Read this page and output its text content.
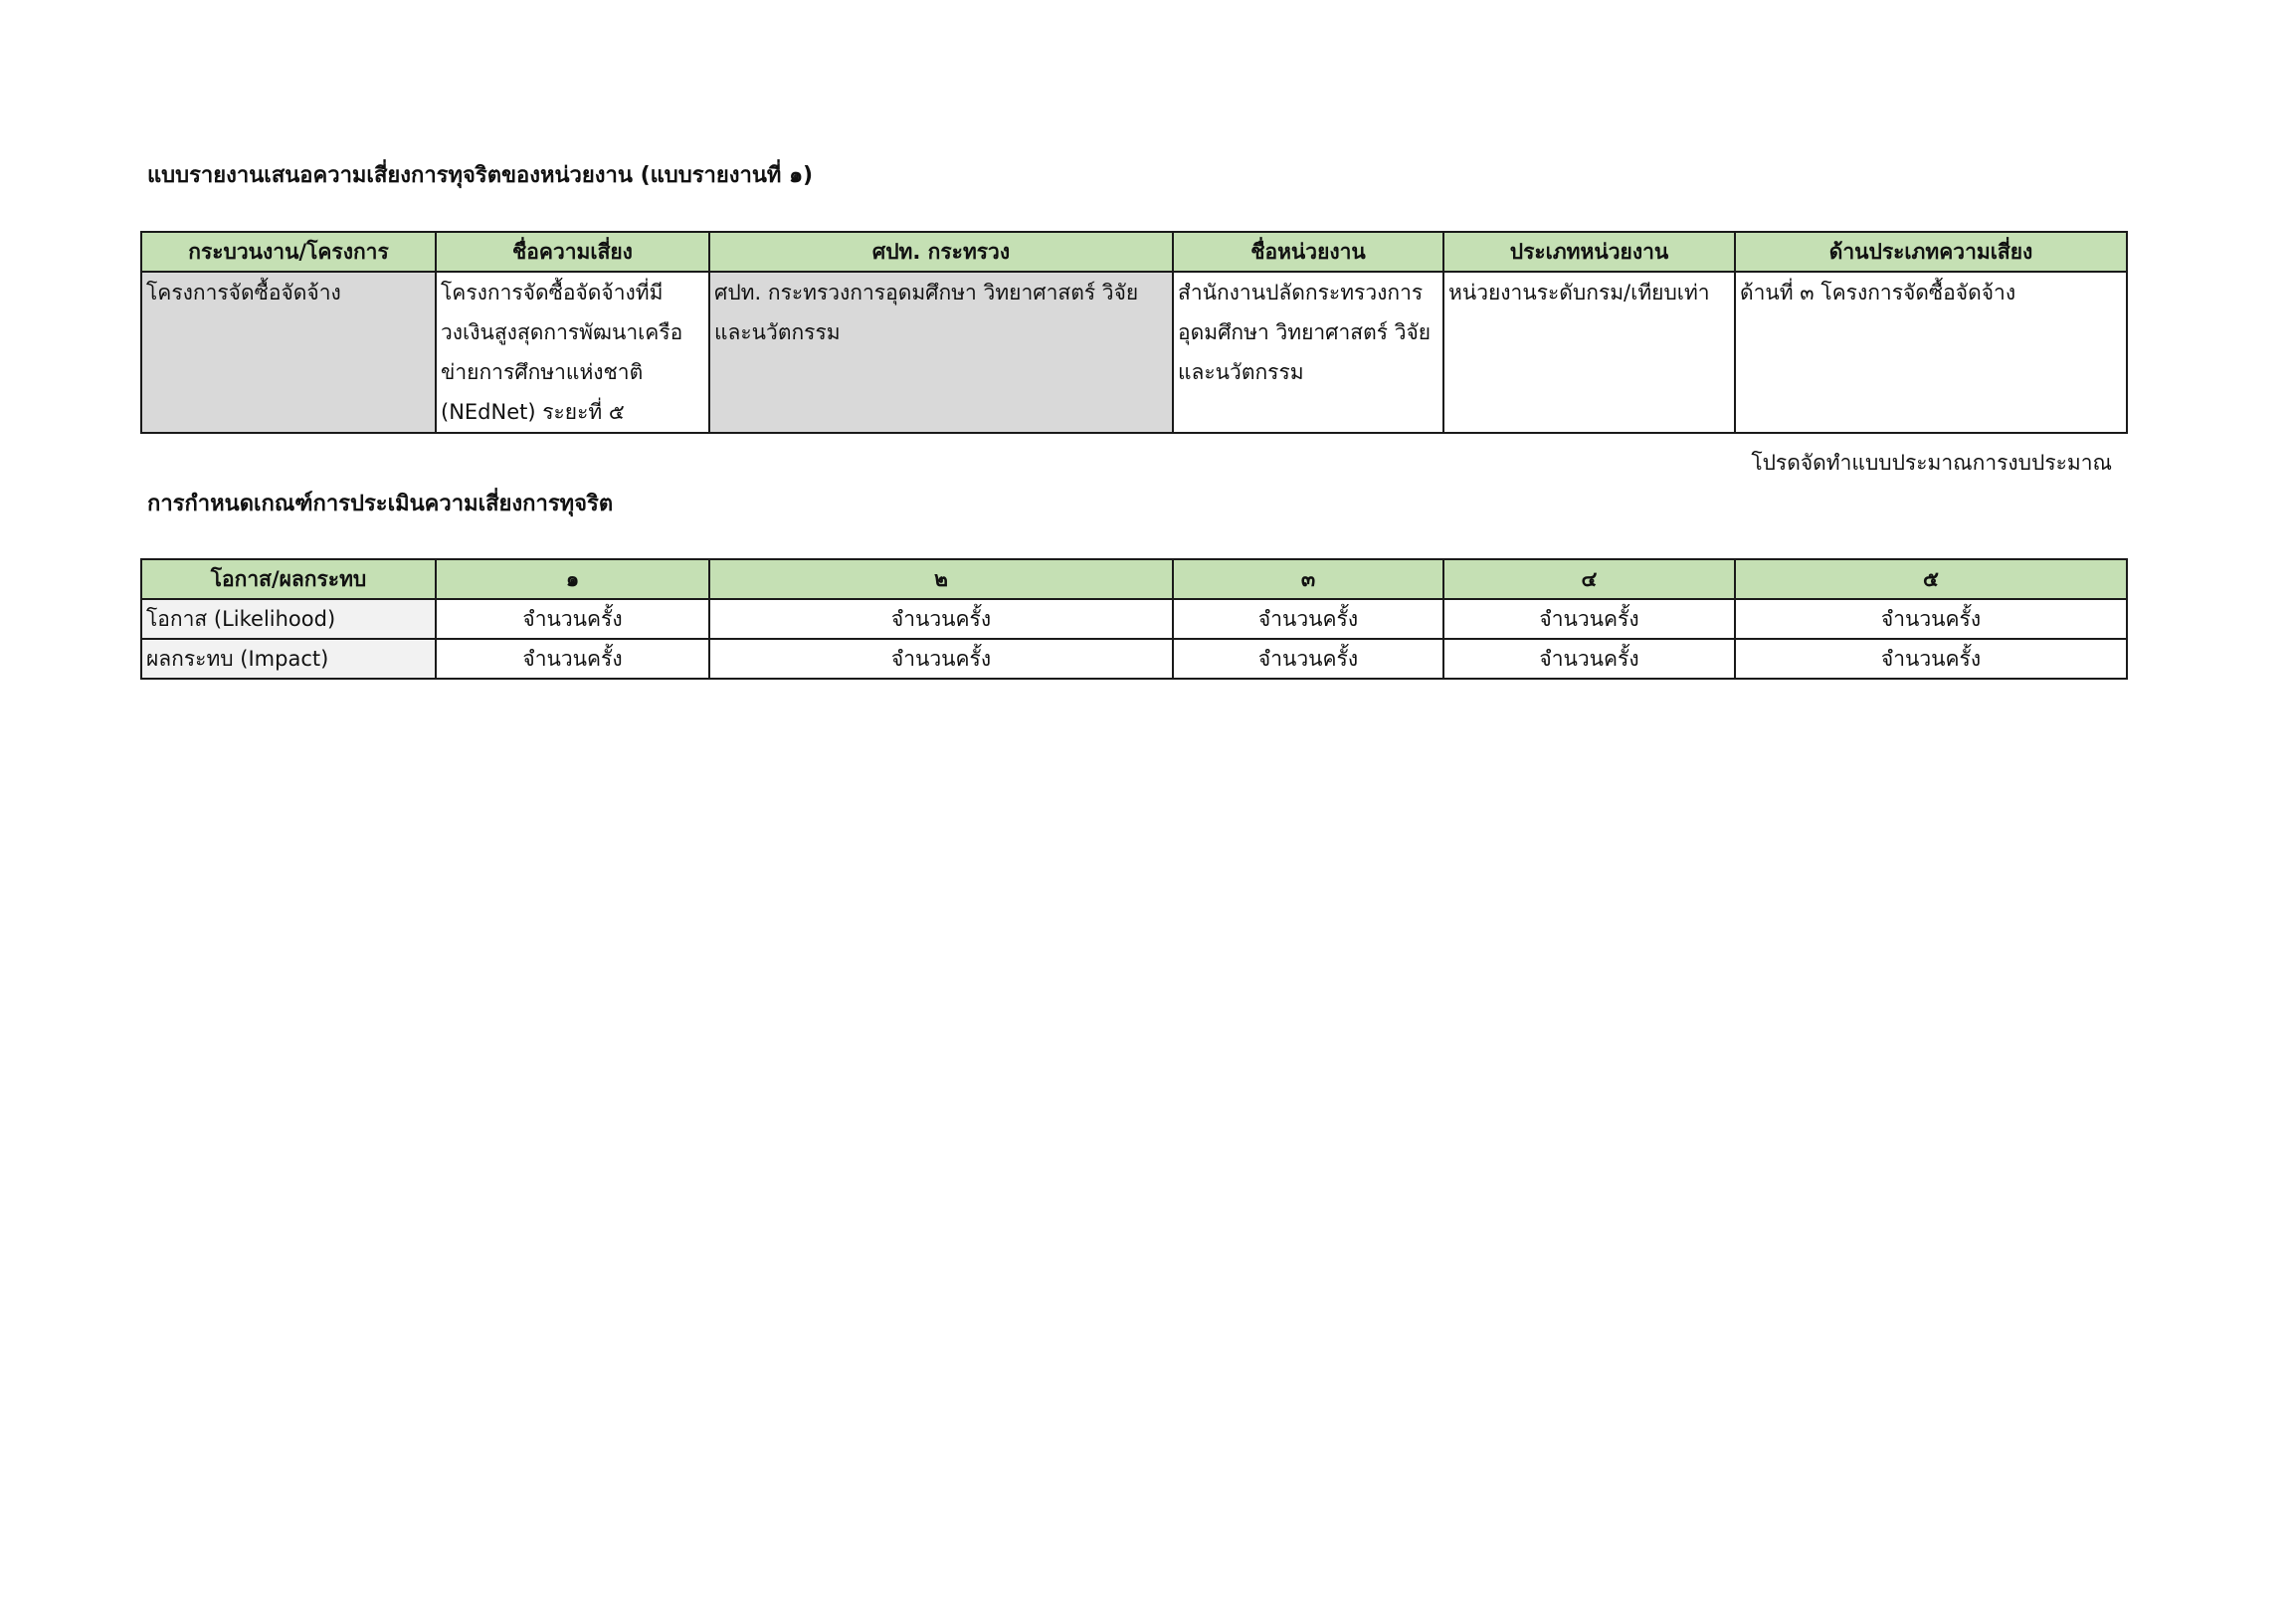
แบบรายงานเสนอความเสี่ยงการทุจริตของหน่วยงาน (แบบรายงานที่ ๑)
กระบวนงาน/โครงการ	ชื่อความเสี่ยง	ศปท. กระทรวง	ชื่อหน่วยงาน	ประเภทหน่วยงาน	ด้านประเภทความเสี่ยง
โครงการจัดซื้อจัดจ้าง	โครงการจัดซื้อจัดจ้างที่มีวงเงินสูงสุดการพัฒนาเครือข่ายการศึกษาแห่งชาติ (NEdNet) ระยะที่ ๕	ศปท. กระทรวงการอุดมศึกษา วิทยาศาสตร์ วิจัยและนวัตกรรม	สำนักงานปลัดกระทรวงการอุดมศึกษา วิทยาศาสตร์ วิจัยและนวัตกรรม	หน่วยงานระดับกรม/เทียบเท่า	ด้านที่ ๓ โครงการจัดซื้อจัดจ้าง
โปรดจัดทำแบบประมาณการงบประมาณ
การกำหนดเกณฑ์การประเมินความเสี่ยงการทุจริต
โอกาส/ผลกระทบ	๑	๒	๓	๔	๕
โอกาส (Likelihood)	จำนวนครั้ง	จำนวนครั้ง	จำนวนครั้ง	จำนวนครั้ง	จำนวนครั้ง
ผลกระทบ (Impact)	จำนวนครั้ง	จำนวนครั้ง	จำนวนครั้ง	จำนวนครั้ง	จำนวนครั้ง
